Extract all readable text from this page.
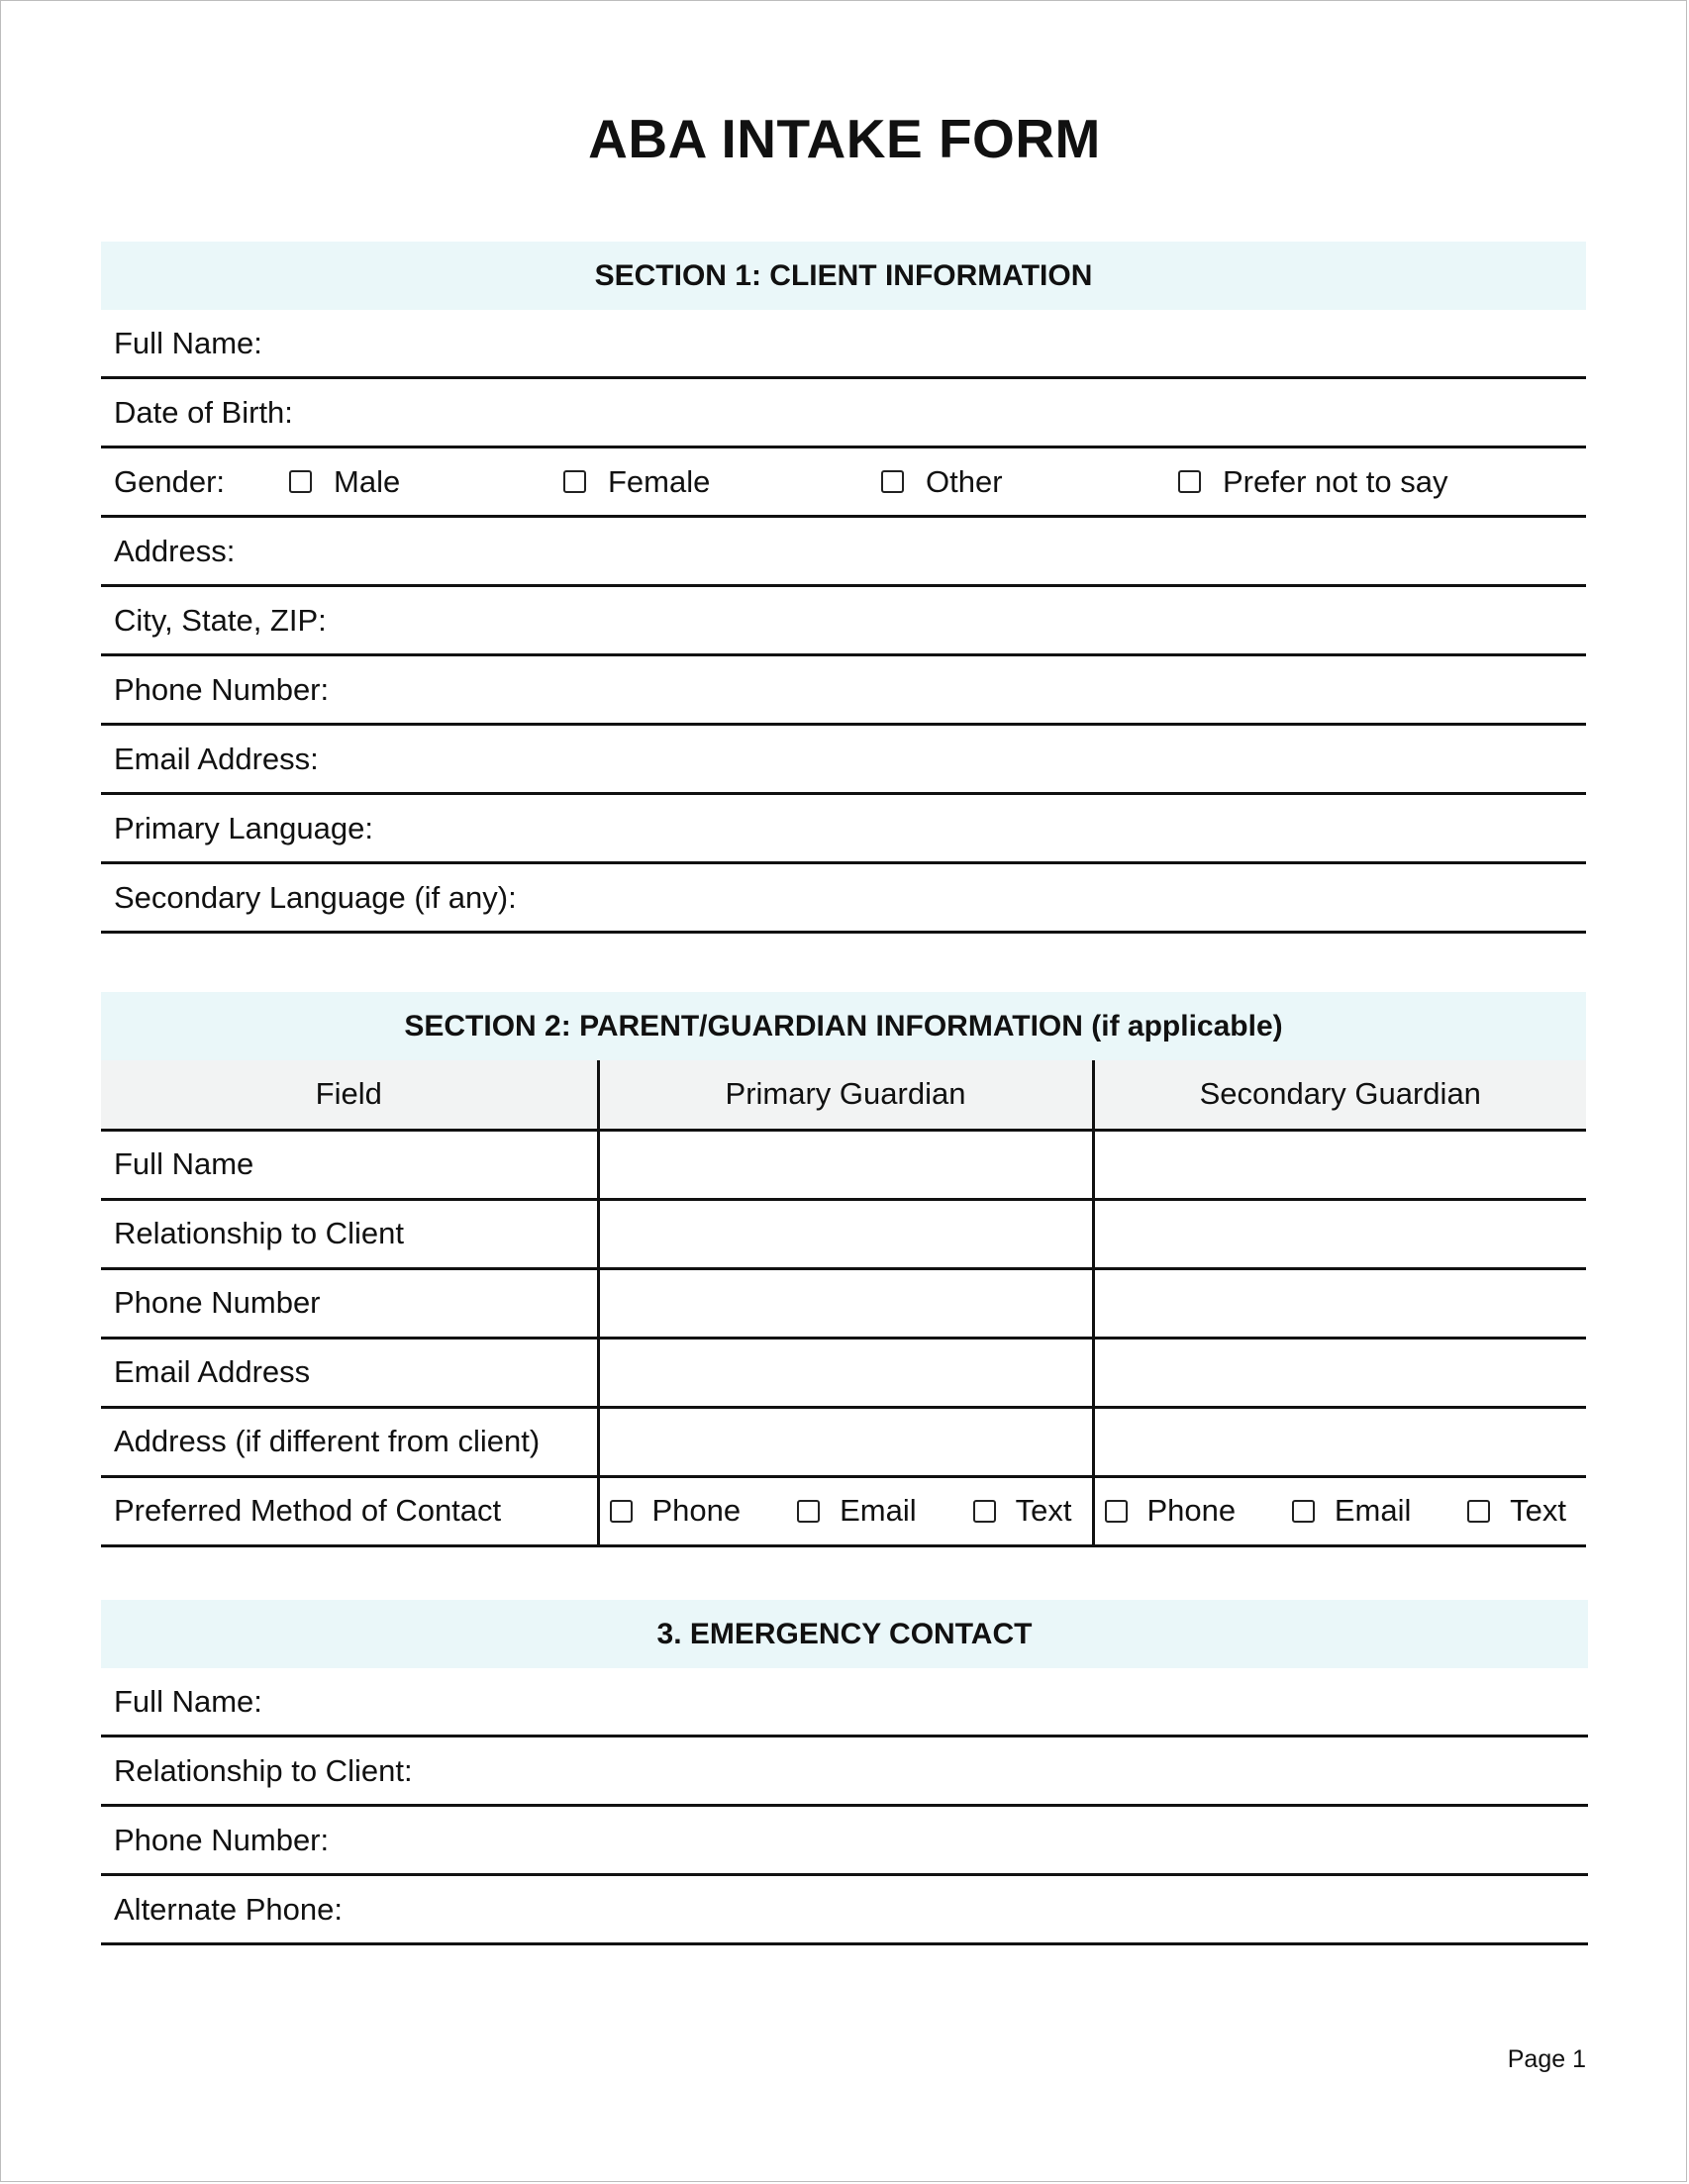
ABA INTAKE FORM
SECTION 1: CLIENT INFORMATION
Full Name:
Date of Birth:
Gender:	Male	Female	Other	Prefer not to say
Address:
City, State, ZIP:
Phone Number:
Email Address:
Primary Language:
Secondary Language (if any):
SECTION 2: PARENT/GUARDIAN INFORMATION (if applicable)
Field	Primary Guardian	Secondary Guardian
Full Name		
Relationship to Client		
Phone Number		
Email Address		
Address (if different from client)		
Preferred Method of Contact	Phone Email Text	Phone Email Text
3. EMERGENCY CONTACT
Full Name:
Relationship to Client:
Phone Number:
Alternate Phone:
Page 1
